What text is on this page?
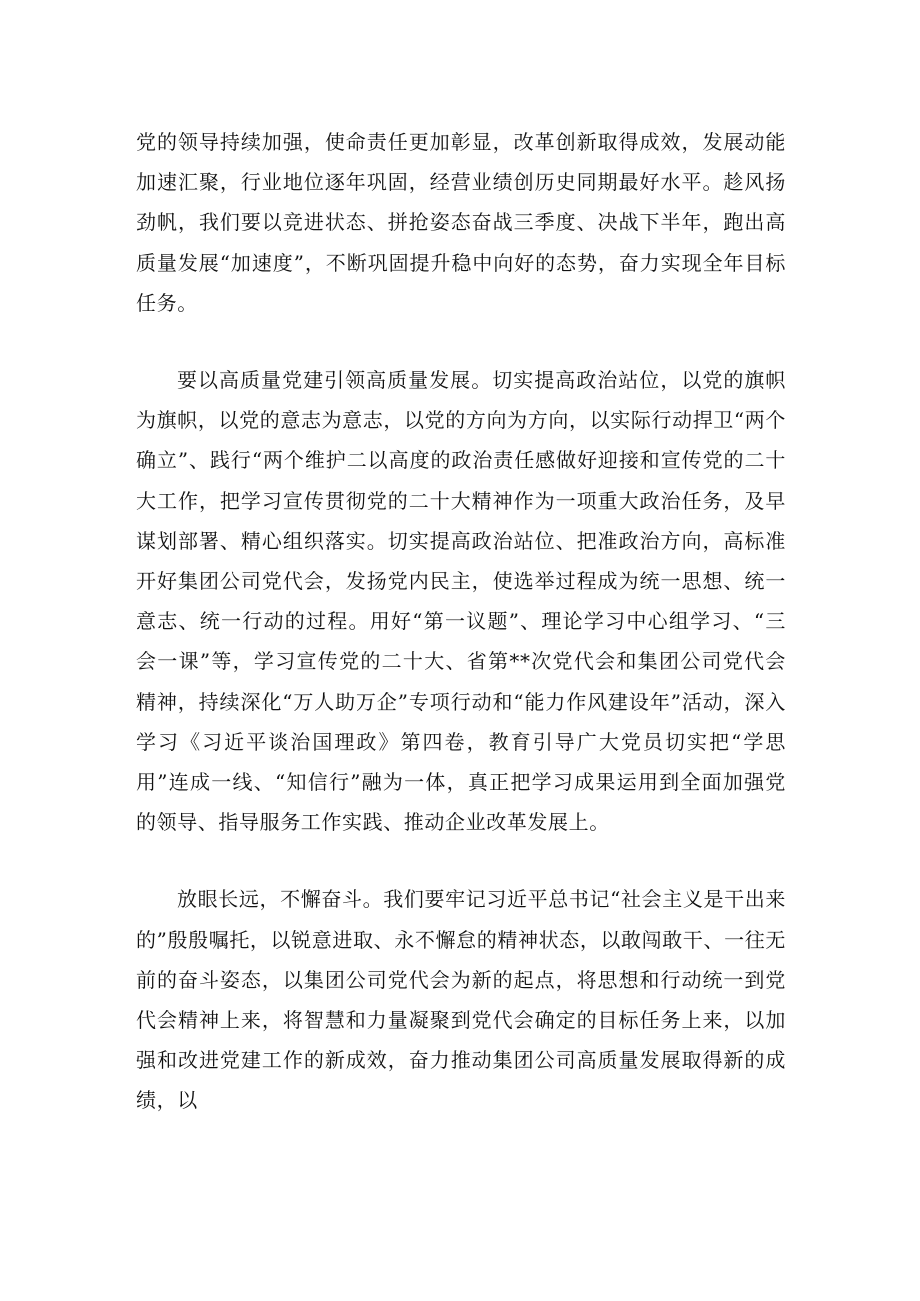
党的领导持续加强，使命责任更加彰显，改革创新取得成效，发展动能加速汇聚，行业地位逐年巩固，经营业绩创历史同期最好水平。趁风扬劲帆，我们要以竞进状态、拼抢姿态奋战三季度、决战下半年，跑出高质量发展“加速度”，不断巩固提升稳中向好的态势，奋力实现全年目标任务。

要以高质量党建引领高质量发展。切实提高政治站位，以党的旗帜为旗帜，以党的意志为意志，以党的方向为方向，以实际行动捍卫“两个确立”、践行“两个维护二以高度的政治责任感做好迎接和宣传党的二十大工作，把学习宣传贯彻党的二十大精神作为一项重大政治任务，及早谋划部署、精心组织落实。切实提高政治站位、把准政治方向，高标准开好集团公司党代会，发扬党内民主，使选举过程成为统一思想、统一意志、统一行动的过程。用好“第一议题”、理论学习中心组学习、“三会一课”等，学习宣传党的二十大、省第**次党代会和集团公司党代会精神，持续深化“万人助万企”专项行动和“能力作风建设年”活动，深入学习《习近平谈治国理政》第四卷，教育引导广大党员切实把“学思用”连成一线、“知信行”融为一体，真正把学习成果运用到全面加强党的领导、指导服务工作实践、推动企业改革发展上。

放眼长远，不懈奋斗。我们要牢记习近平总书记“社会主义是干出来的”殷殷嘱托，以锐意进取、永不懈怠的精神状态，以敢闯敢干、一往无前的奋斗姿态，以集团公司党代会为新的起点，将思想和行动统一到党代会精神上来，将智慧和力量凝聚到党代会确定的目标任务上来，以加强和改进党建工作的新成效，奋力推动集团公司高质量发展取得新的成绩，以
